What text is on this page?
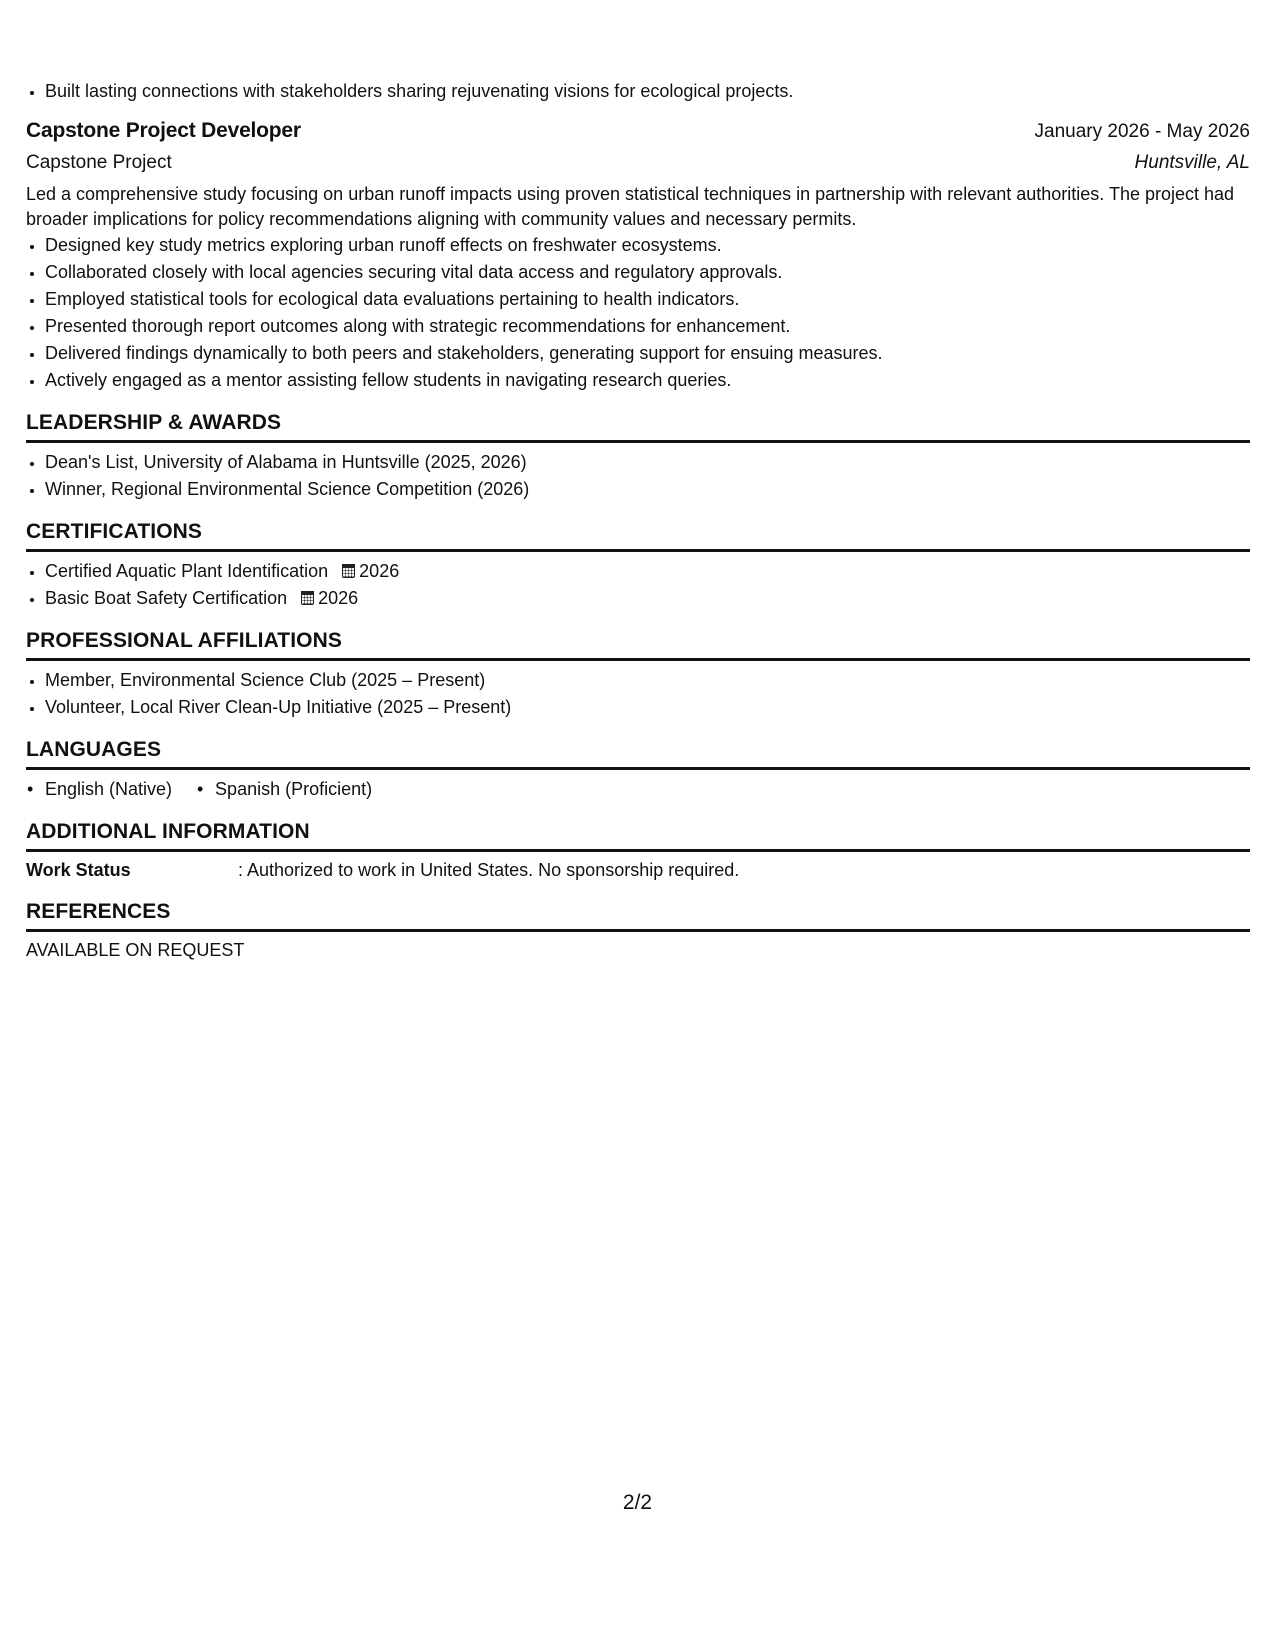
• Built lasting connections with stakeholders sharing rejuvenating visions for ecological projects.
Capstone Project Developer	January 2026 - May 2026
Capstone Project	Huntsville, AL

Led a comprehensive study focusing on urban runoff impacts using proven statistical techniques in partnership with relevant authorities. The project had broader implications for policy recommendations aligning with community values and necessary permits.

• Designed key study metrics exploring urban runoff effects on freshwater ecosystems.
• Collaborated closely with local agencies securing vital data access and regulatory approvals.
• Employed statistical tools for ecological data evaluations pertaining to health indicators.
• Presented thorough report outcomes along with strategic recommendations for enhancement.
• Delivered findings dynamically to both peers and stakeholders, generating support for ensuing measures.
• Actively engaged as a mentor assisting fellow students in navigating research queries.
LEADERSHIP & AWARDS
• Dean's List, University of Alabama in Huntsville (2025, 2026)
• Winner, Regional Environmental Science Competition (2026)
CERTIFICATIONS
• Certified Aquatic Plant Identification 2026
• Basic Boat Safety Certification 2026
PROFESSIONAL AFFILIATIONS
• Member, Environmental Science Club (2025 – Present)
• Volunteer, Local River Clean-Up Initiative (2025 – Present)
LANGUAGES
• English (Native)
•	Spanish (Proficient)
ADDITIONAL INFORMATION
Work Status	: Authorized to work in United States. No sponsorship required.
REFERENCES
AVAILABLE ON REQUEST
2/2
